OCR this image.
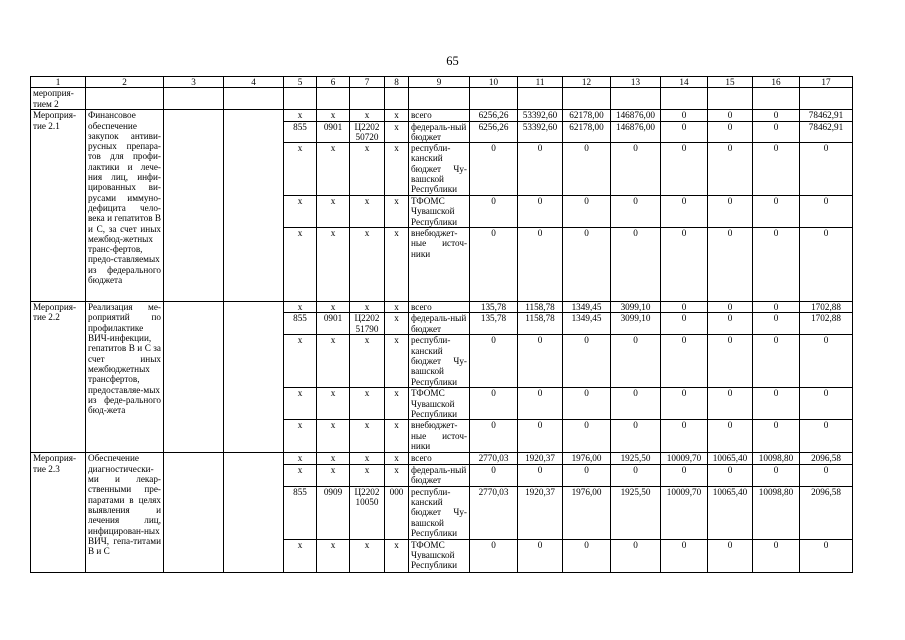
65
1	2	3	4	5	6	7	8	9	10	11	12	13	14	15	16	17
мероприя-тием 2																
Мероприя-тие 2.1	Финансовое обеспечение закупок антиви-русных препара-тов для профи-лактики и лече-ния лиц, инфи-цированных ви-русами иммуно-дефицита чело-века и гепатитов В и С, за счет иных межбюд-жетных транс-фертов, предо-ставляемых из федерального бюджета			х	х	х	х	всего	6256,26	53392,60	62178,00	146876,00	0	0	0	78462,91
				855	0901	Ц2202 50720	х	федераль-ный бюджет	6256,26	53392,60	62178,00	146876,00	0	0	0	78462,91
				х	х	х	х	республи-канский бюджет Чу-вашской Республики	0	0	0	0	0	0	0	0
				х	х	х	х	ТФОМС Чувашской Республики	0	0	0	0	0	0	0	0
				х	х	х	х	внебюджет-ные источ-ники	0	0	0	0	0	0	0	0
Мероприя-тие 2.2	Реализация ме-роприятий по профилактике ВИЧ-инфекции, гепатитов В и С за счет иных межбюджетных трансфертов, предоставляе-мых из феде-рального бюд-жета			х	х	х	х	всего	135,78	1158,78	1349,45	3099,10	0	0	0	1702,88
				855	0901	Ц2202 51790	х	федераль-ный бюджет	135,78	1158,78	1349,45	3099,10	0	0	0	1702,88
				х	х	х	х	республи-канский бюджет Чу-вашской Республики	0	0	0	0	0	0	0	0
				х	х	х	х	ТФОМС Чувашской Республики	0	0	0	0	0	0	0	0
				х	х	х	х	внебюджет-ные источ-ники	0	0	0	0	0	0	0	0
Мероприя-тие 2.3	Обеспечение диагностически-ми и лекар-ственными пре-паратами в целях выявления и лечения лиц, инфицирован-ных ВИЧ, гепа-титами В и С			х	х	х	х	всего	2770,03	1920,37	1976,00	1925,50	10009,70	10065,40	10098,80	2096,58
				х	х	х	х	федераль-ный бюджет	0	0	0	0	0	0	0	0
				855	0909	Ц2202 10050	000	республи-канский бюджет Чу-вашской Республики	2770,03	1920,37	1976,00	1925,50	10009,70	10065,40	10098,80	2096,58
				х	х	х	х	ТФОМС Чувашской Республики	0	0	0	0	0	0	0	0
